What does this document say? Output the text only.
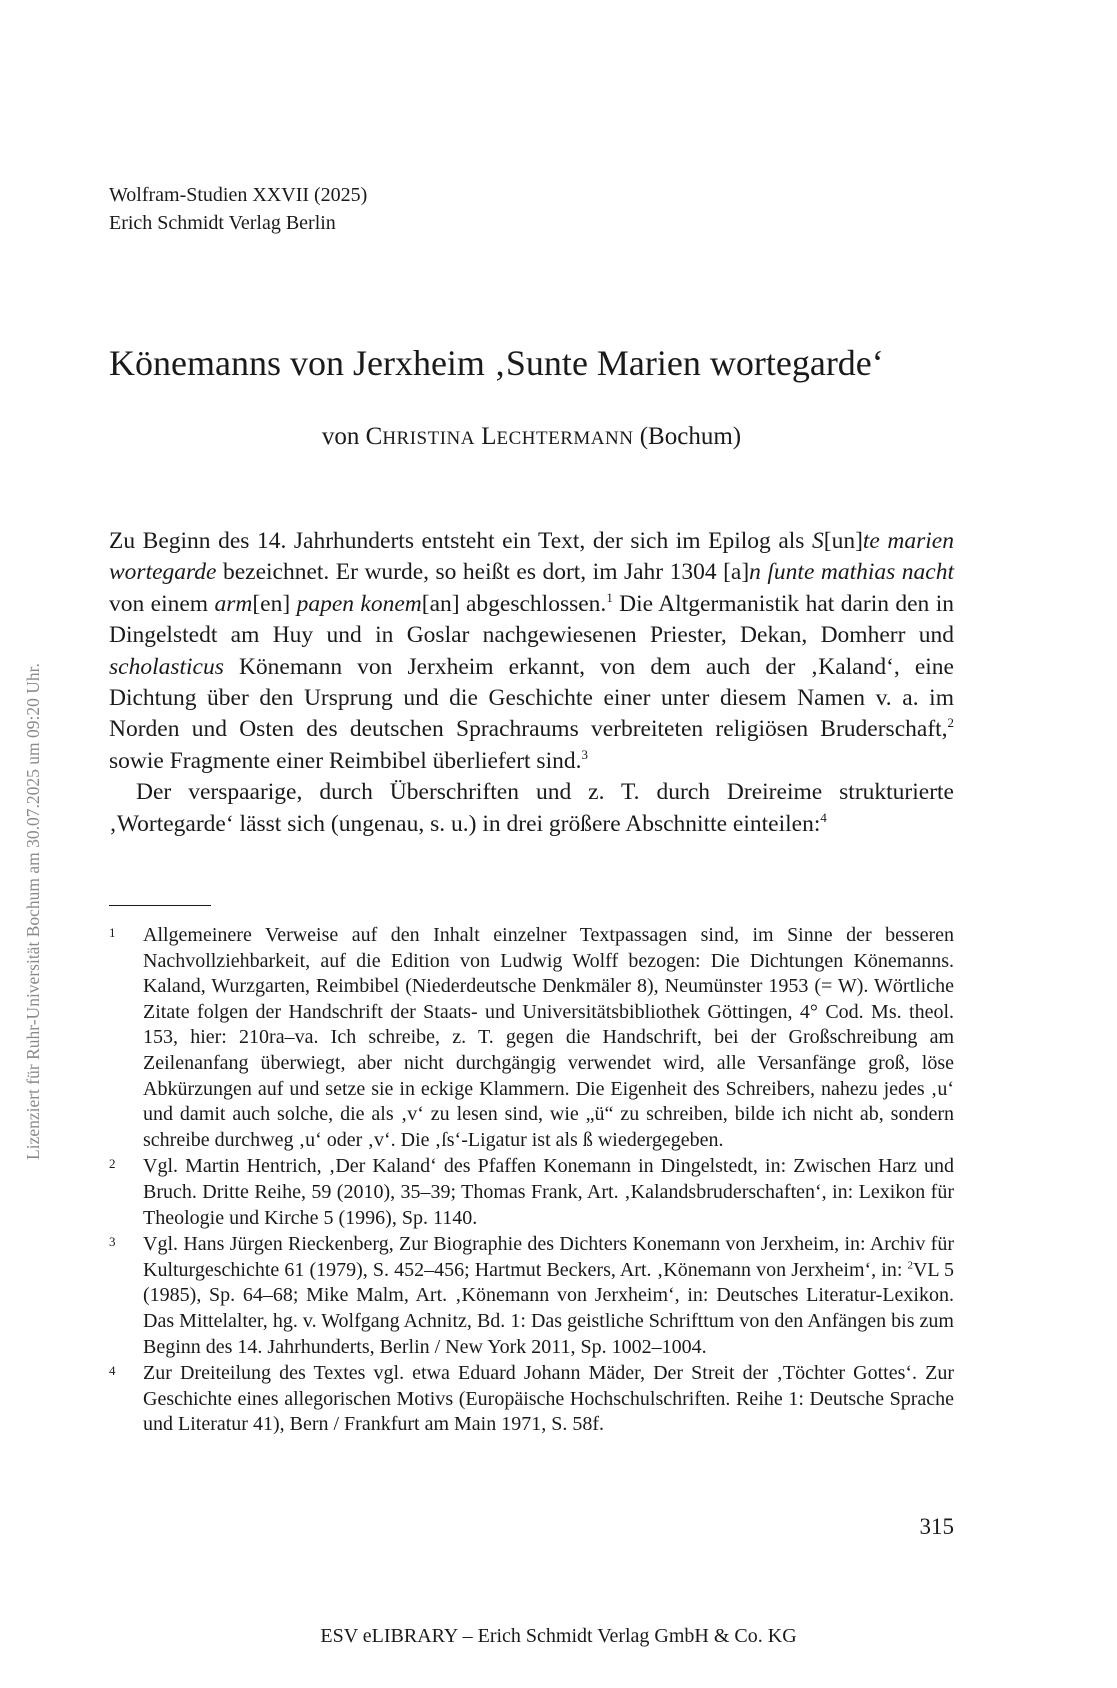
Wolfram-Studien XXVII (2025)
Erich Schmidt Verlag Berlin
Könemanns von Jerxheim ‚Sunte Marien wortegarde‘
von CHRISTINA LECHTERMANN (Bochum)

Zu Beginn des 14. Jahrhunderts entsteht ein Text, der sich im Epilog als S[un]te marien wortegarde bezeichnet. Er wurde, so heißt es dort, im Jahr 1304 [a]n ſunte mathias nacht von einem arm[en] papen konem[an] abgeschlossen.$^1$ Die Altgermanistik hat darin den in Dingelstedt am Huy und in Goslar nachgewiesenen Priester, Dekan, Domherr und scholasticus Könemann von Jerxheim erkannt, von dem auch der ‚Kaland‘, eine Dichtung über den Ursprung und die Geschichte einer unter diesem Namen v. a. im Norden und Osten des deutschen Sprachraums verbreiteten religiösen Bruderschaft,$^2$ sowie Fragmente einer Reimbibel überliefert sind.$^3$

Der verspaarige, durch Überschriften und z. T. durch Dreireime strukturierte ‚Wortegarde‘ lässt sich (ungenau, s. u.) in drei größere Abschnitte einteilen:$^4$

1	Allgemeinere Verweise auf den Inhalt einzelner Textpassagen sind, im Sinne der besseren Nachvollziehbarkeit, auf die Edition von Ludwig Wolff bezogen: Die Dichtungen Könemanns. Kaland, Wurzgarten, Reimbibel (Niederdeutsche Denkmäler 8), Neumünster 1953 (= W). Wörtliche Zitate folgen der Handschrift der Staats- und Universitätsbibliothek Göttingen, 4° Cod. Ms. theol. 153, hier: 210ra–va. Ich schreibe, z. T. gegen die Handschrift, bei der Großschreibung am Zeilenanfang überwiegt, aber nicht durchgängig verwendet wird, alle Versanfänge groß, löse Abkürzungen auf und setze sie in eckige Klammern. Die Eigenheit des Schreibers, nahezu jedes ‚u‘ und damit auch solche, die als ‚v‘ zu lesen sind, wie „ü“ zu schreiben, bilde ich nicht ab, sondern schreibe durchweg ‚u‘ oder ‚v‘. Die ‚ſs‘-Ligatur ist als ß wiedergegeben.
2	Vgl. Martin Hentrich, ‚Der Kaland‘ des Pfaffen Konemann in Dingelstedt, in: Zwischen Harz und Bruch. Dritte Reihe, 59 (2010), 35–39; Thomas Frank, Art. ‚Kalandsbruderschaften‘, in: Lexikon für Theologie und Kirche 5 (1996), Sp. 1140.
3	Vgl. Hans Jürgen Rieckenberg, Zur Biographie des Dichters Konemann von Jerxheim, in: Archiv für Kulturgeschichte 61 (1979), S. 452–456; Hartmut Beckers, Art. ‚Könemann von Jerxheim‘, in: $^2$VL 5 (1985), Sp. 64–68; Mike Malm, Art. ‚Könemann von Jerxheim‘, in: Deutsches Literatur-Lexikon. Das Mittelalter, hg. v. Wolfgang Achnitz, Bd. 1: Das geistliche Schrifttum von den Anfängen bis zum Beginn des 14. Jahrhunderts, Berlin / New York 2011, Sp. 1002–1004.
4	Zur Dreiteilung des Textes vgl. etwa Eduard Johann Mäder, Der Streit der ‚Töchter Gottes‘. Zur Geschichte eines allegorischen Motivs (Europäische Hochschulschriften. Reihe 1: Deutsche Sprache und Literatur 41), Bern / Frankfurt am Main 1971, S. 58f.
315
ESV eLIBRARY – Erich Schmidt Verlag GmbH & Co. KG
Lizenziert für Ruhr-Universität Bochum am 30.07.2025 um 09:20 Uhr.
